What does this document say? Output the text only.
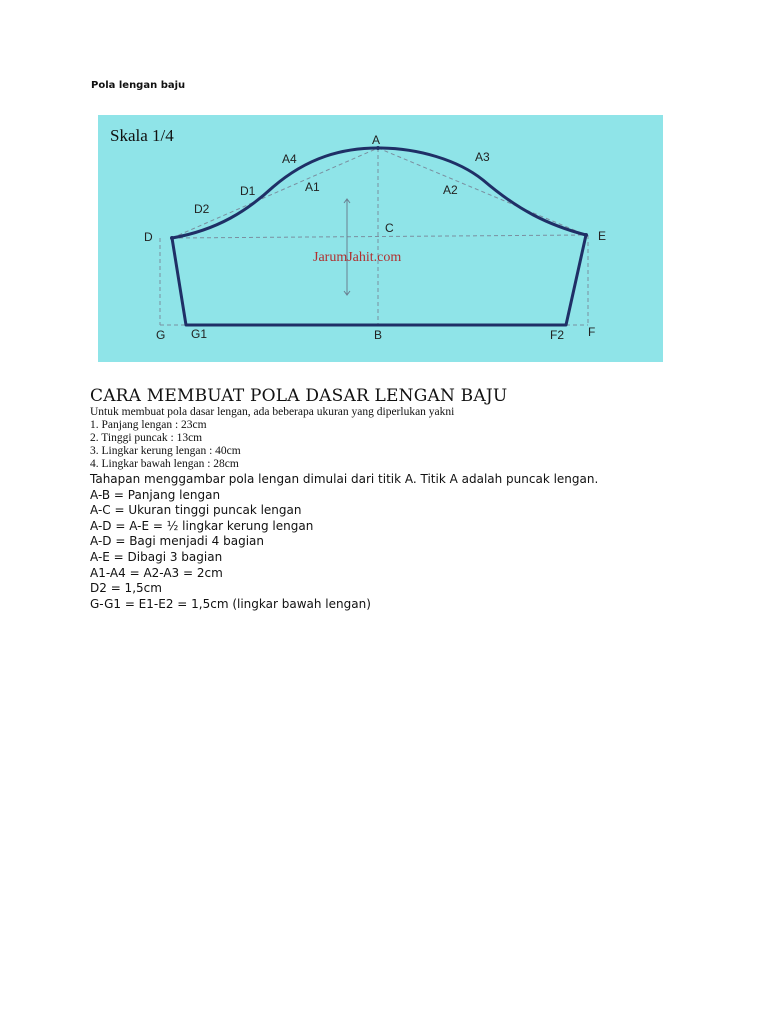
Pola lengan baju
Skala 1/4
JarumJahit.com
A
A4	A3
D1	A1	A2
D2
D
C
E
G G1	B	F2 F
CARA MEMBUAT POLA DASAR LENGAN BAJU
Untuk membuat pola dasar lengan, ada beberapa ukuran yang diperlukan yakni
1. Panjang lengan : 23cm
2. Tinggi puncak : 13cm
3. Lingkar kerung lengan : 40cm
4. Lingkar bawah lengan : 28cm
Tahapan menggambar pola lengan dimulai dari titik A. Titik A adalah puncak lengan.
A-B = Panjang lengan
A-C = Ukuran tinggi puncak lengan
A-D = A-E = ½ lingkar kerung lengan
A-D = Bagi menjadi 4 bagian
A-E = Dibagi 3 bagian
A1-A4 = A2-A3 = 2cm
D2 = 1,5cm
G-G1 = E1-E2 = 1,5cm (lingkar bawah lengan)
